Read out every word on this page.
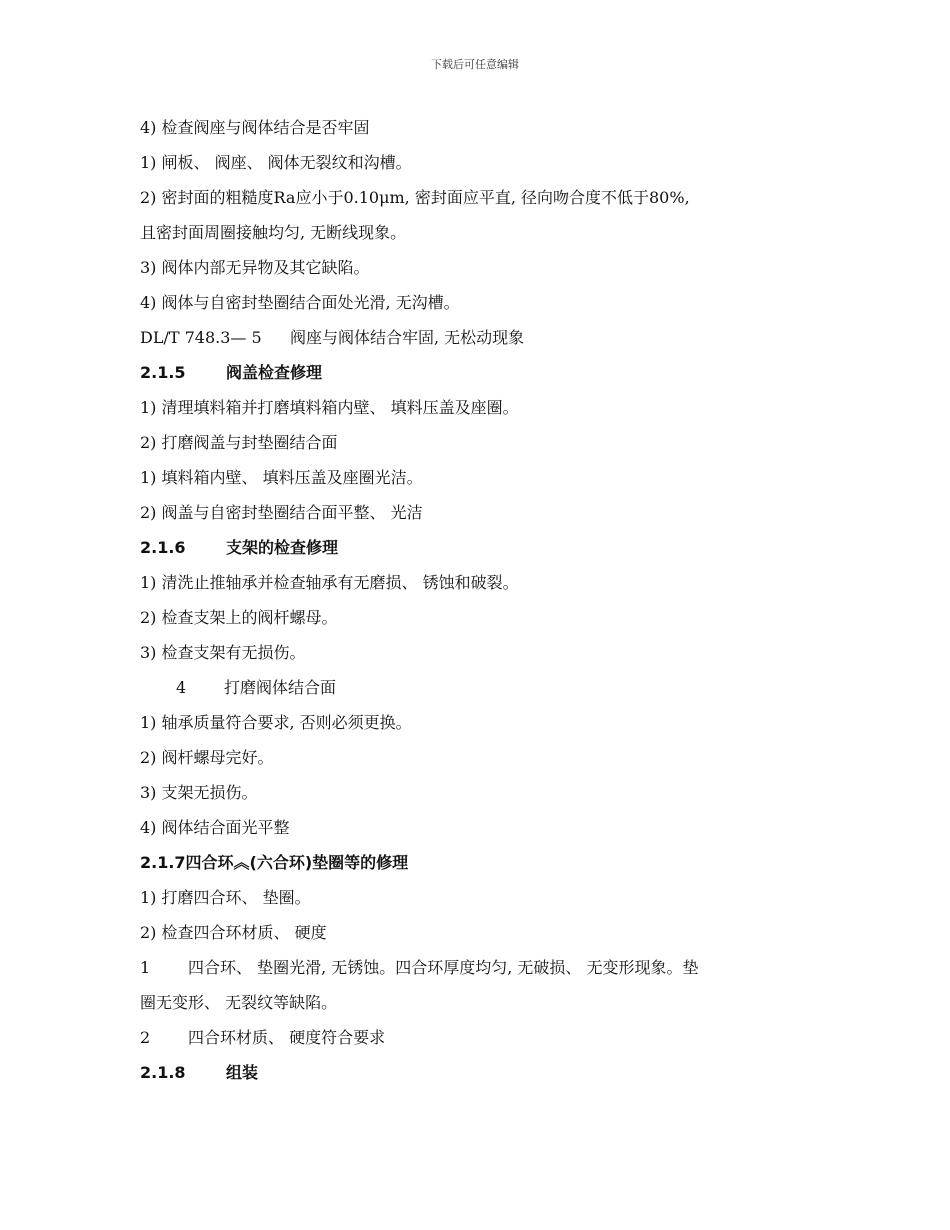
下载后可任意编辑
4) 检查阀座与阀体结合是否牢固
1) 闸板、 阀座、 阀体无裂纹和沟槽。
2) 密封面的粗糙度Ra应小于0.10μm, 密封面应平直, 径向吻合度不低于80%,
且密封面周圈接触均匀, 无断线现象。
3) 阀体内部无异物及其它缺陷。
4) 阀体与自密封垫圈结合面处光滑, 无沟槽。
DL/T 748.3— 5 阀座与阀体结合牢固, 无松动现象
2.1.5	阀盖检查修理
1) 清理填料箱并打磨填料箱内壁、 填料压盖及座圈。
2) 打磨阀盖与封垫圈结合面
1) 填料箱内壁、 填料压盖及座圈光洁。
2) 阀盖与自密封垫圈结合面平整、 光洁
2.1.6	支架的检查修理
1) 清洗止推轴承并检查轴承有无磨损、 锈蚀和破裂。
2) 检查支架上的阀杆螺母。
3) 检查支架有无损伤。
4 打磨阀体结合面
1) 轴承质量符合要求, 否则必须更换。
2) 阀杆螺母完好。
3) 支架无损伤。
4) 阀体结合面光平整
2.1.7四合环︽(六合环)垫圈等的修理
1) 打磨四合环、 垫圈。
2) 检查四合环材质、 硬度
1 四合环、 垫圈光滑, 无锈蚀。四合环厚度均匀, 无破损、 无变形现象。垫
圈无变形、 无裂纹等缺陷。
2 四合环材质、 硬度符合要求
2.1.8	组装
